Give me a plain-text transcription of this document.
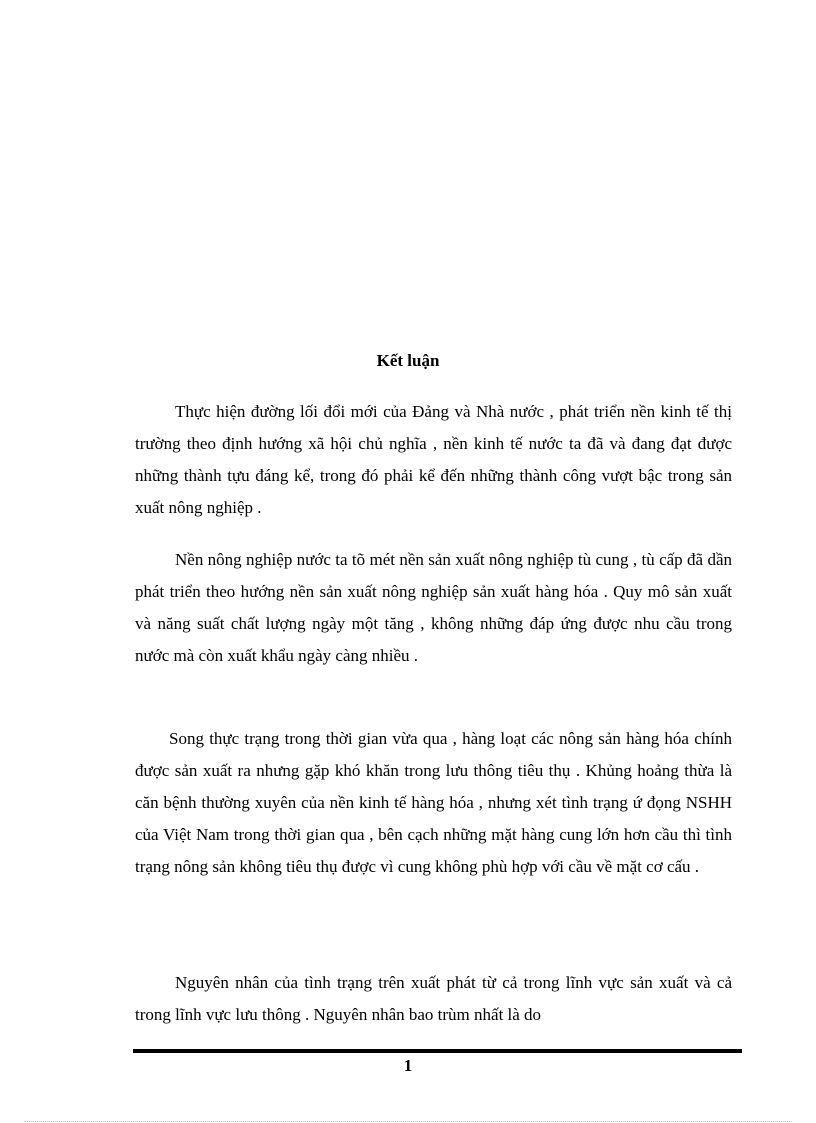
Kết luận

Thực hiện đường lối đổi mới của Đảng và Nhà nước , phát triển nền kinh tế thị trường theo định hướng xã hội chủ nghĩa , nền kinh tế nước ta đã và đang đạt được những thành tựu đáng kể, trong đó phải kể đến những thành công vượt bậc trong sản xuất nông nghiệp .

Nền nông nghiệp nước ta tõ mét nền sản xuất nông nghiệp tù cung , tù cấp đã dần phát triển theo hướng nền sản xuất nông nghiệp sản xuất hàng hóa . Quy mô sản xuất và năng suất chất lượng ngày một tăng , không những đáp ứng được nhu cầu trong nước mà còn xuất khẩu ngày càng nhiều .

Song thực trạng trong thời gian vừa qua , hàng loạt các nông sản hàng hóa chính được sản xuất ra nhưng gặp khó khăn trong lưu thông tiêu thụ . Khủng hoảng thừa là căn bệnh thường xuyên của nền kinh tế hàng hóa , nhưng xét tình trạng ứ đọng NSHH của Việt Nam trong thời gian qua , bên cạch những mặt hàng cung lớn hơn cầu thì tình trạng nông sản không tiêu thụ được vì cung không phù hợp với cầu về mặt cơ cấu .

Nguyên nhân của tình trạng trên xuất phát từ cả trong lĩnh vực sản xuất và cả trong lĩnh vực lưu thông . Nguyên nhân bao trùm nhất là do

1
